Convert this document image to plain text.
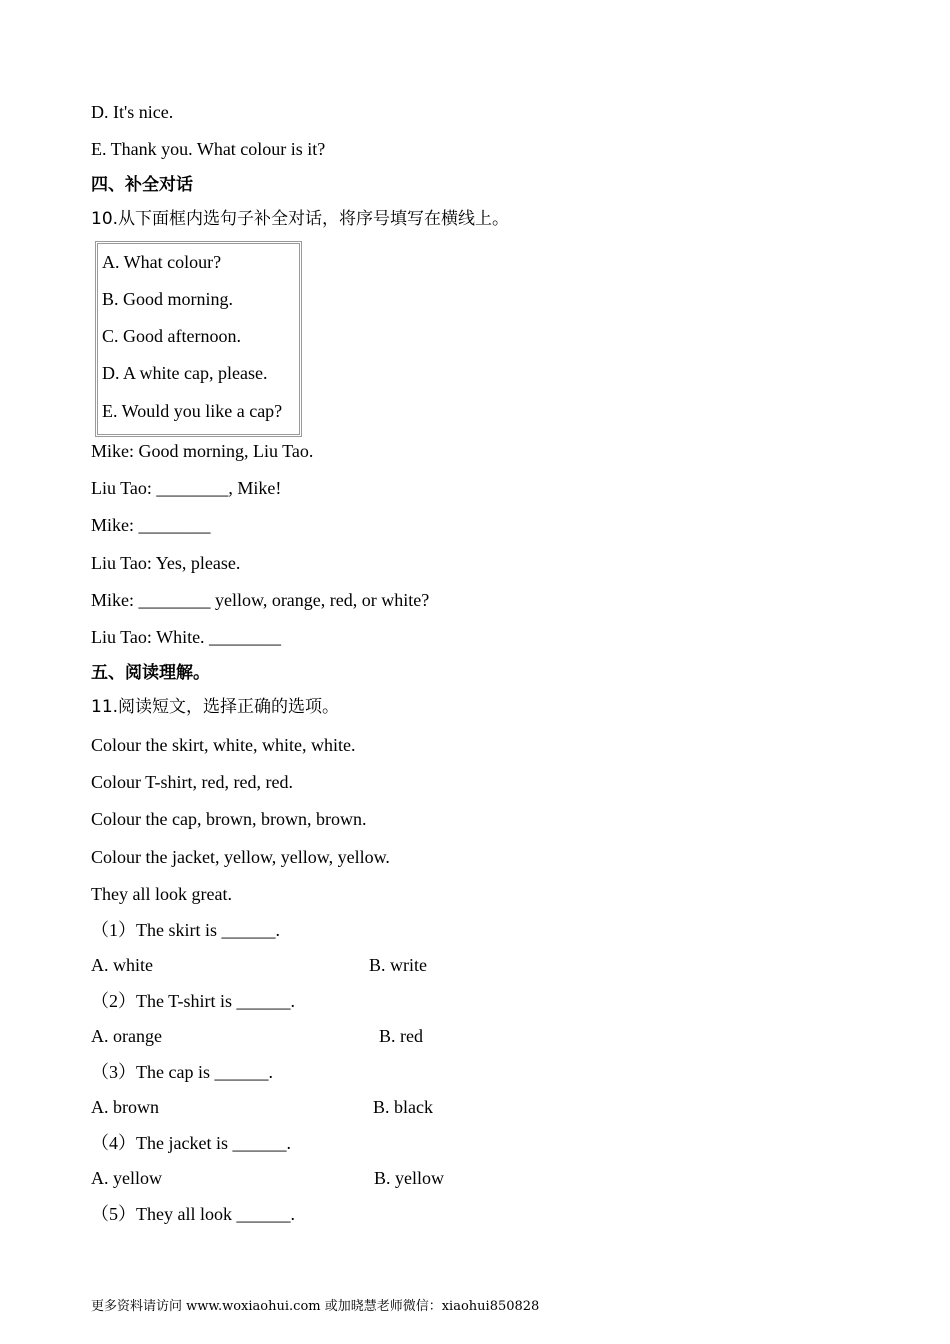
D. It's nice.
E. Thank you. What colour is it?
四、补全对话
10.从下面框内选句子补全对话，将序号填写在横线上。
A. What colour?
B. Good morning.
C. Good afternoon.
D. A white cap, please.
E. Would you like a cap?
Mike: Good morning, Liu Tao.
Liu Tao: ________, Mike!
Mike: ________
Liu Tao: Yes, please.
Mike: ________ yellow, orange, red, or white?
Liu Tao: White. ________
五、阅读理解。
11.阅读短文，选择正确的选项。
Colour the skirt, white, white, white.
Colour T-shirt, red, red, red.
Colour the cap, brown, brown, brown.
Colour the jacket, yellow, yellow, yellow.
They all look great.
（1）The skirt is ______.
A. white	B. write
（2）The T-shirt is ______.
A. orange	B. red
（3）The cap is ______.
A. brown	B. black
（4）The jacket is ______.
A. yellow	B. yellow
（5）They all look ______.
更多资料请访问 www.woxiaohui.com 或加晓慧老师微信：xiaohui850828
